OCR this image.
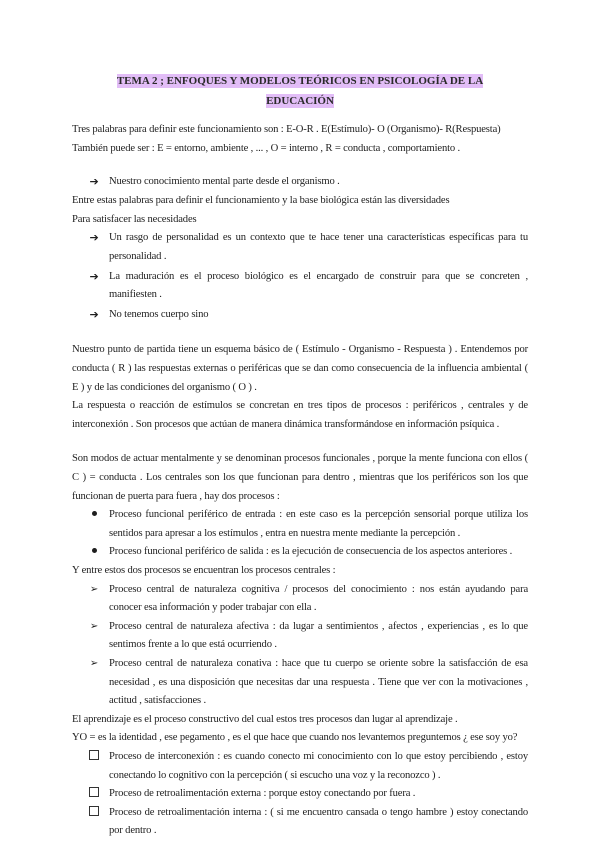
TEMA 2 ; ENFOQUES Y MODELOS TEÓRICOS EN PSICOLOGÍA DE LA
EDUCACIÓN

Tres palabras para definir este funcionamiento son : E-O-R . E(Estímulo)- O (Organismo)- R(Respuesta)

También puede ser : E = entorno, ambiente , ... , O = interno , R = conducta , comportamiento .

➔ Nuestro conocimiento mental parte desde el organismo .

Entre estas palabras para definir el funcionamiento y la base biológica están las diversidades

Para satisfacer las necesidades

➔ Un rasgo de personalidad es un contexto que te hace tener una características específicas para tu personalidad .
➔ La maduración es el proceso biológico es el encargado de construir para que se concreten , manifiesten .
➔ No tenemos cuerpo sino

Nuestro punto de partida tiene un esquema básico de ( Estímulo - Organismo - Respuesta ) . Entendemos por conducta ( R ) las respuestas externas o periféricas que se dan como consecuencia de la influencia ambiental ( E ) y de las condiciones del organismo ( O ) .

La respuesta o reacción de estímulos se concretan en tres tipos de procesos : periféricos , centrales y de interconexión . Son procesos que actúan de manera dinámica transformándose en información psíquica .

Son modos de actuar mentalmente y se denominan procesos funcionales , porque la mente funciona con ellos ( C ) = conducta . Los centrales son los que funcionan para dentro , mientras que los periféricos son los que funcionan de puerta para fuera , hay dos procesos :

Proceso funcional periférico de entrada : en este caso es la percepción sensorial porque utiliza los sentidos para apresar a los estímulos , entra en nuestra mente mediante la percepción .
Proceso funcional periférico de salida : es la ejecución de consecuencia de los aspectos anteriores .

Y entre estos dos procesos se encuentran los procesos centrales :

➢	Proceso central de naturaleza cognitiva / procesos del conocimiento : nos están ayudando para conocer esa información y poder trabajar con ella .
➢	Proceso central de naturaleza afectiva : da lugar a sentimientos , afectos , experiencias , es lo que sentimos frente a lo que está ocurriendo .
➢	Proceso central de naturaleza conativa : hace que tu cuerpo se oriente sobre la satisfacción de esa necesidad , es una disposición que necesitas dar una respuesta . Tiene que ver con la motivaciones , actitud , satisfacciones .

El aprendizaje es el proceso constructivo del cual estos tres procesos dan lugar al aprendizaje .

YO = es la identidad , ese pegamento , es el que hace que cuando nos levantemos preguntemos ¿ ese soy yo?

Proceso de interconexión : es cuando conecto mi conocimiento con lo que estoy percibiendo , estoy conectando lo cognitivo con la percepción ( si escucho una voz y la reconozco ) .
Proceso de retroalimentación externa : porque estoy conectando por fuera .
Proceso de retroalimentación interna : ( si me encuentro cansada o tengo hambre ) estoy conectando por dentro .
